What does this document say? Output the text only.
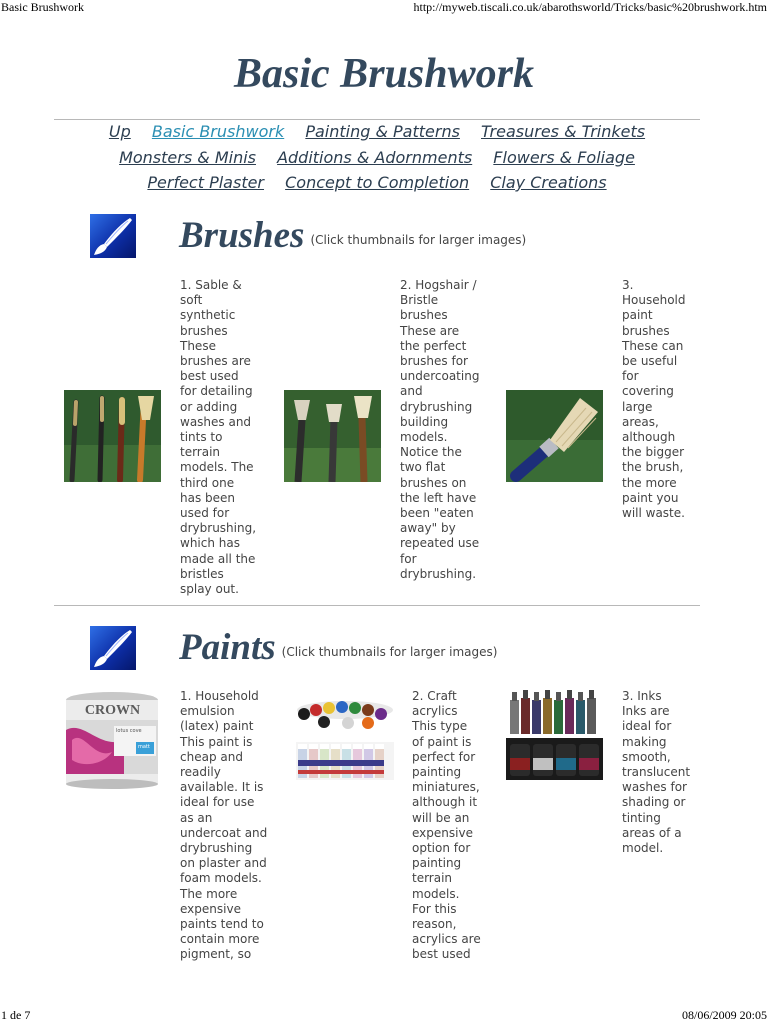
Basic Brushwork	http://myweb.tiscali.co.uk/abarothsworld/Tricks/basic%20brushwork.htm
Basic Brushwork
Up Basic Brushwork Painting & Patterns Treasures & Trinkets
Monsters & Minis Additions & Adornments Flowers & Foliage
Perfect Plaster Concept to Completion Clay Creations
Brushes (Click thumbnails for larger images)

1. Sable &
soft
synthetic
brushes
These
brushes are
best used
for detailing
or adding
washes and
tints to
terrain
models. The
third one
has been
used for
drybrushing,
which has
made all the
bristles
splay out.

2. Hogshair /
Bristle
brushes
These are
the perfect
brushes for
undercoating
and
drybrushing
building
models.
Notice the
two flat
brushes on
the left have
been "eaten
away" by
repeated use
for
drybrushing.

3.
Household
paint
brushes
These can
be useful
for
covering
large
areas,
although
the bigger
the brush,
the more
paint you
will waste.

Paints (Click thumbnails for larger images)
CROWN
lotus cove
matt

1. Household
emulsion
(latex) paint
This paint is
cheap and
readily
available. It is
ideal for use
as an
undercoat and
drybrushing
on plaster and
foam models.
The more
expensive
paints tend to
contain more
pigment, so

2. Craft
acrylics
This type
of paint is
perfect for
painting
miniatures,
although it
will be an
expensive
option for
painting
terrain
models.
For this
reason,
acrylics are
best used

3. Inks
Inks are
ideal for
making
smooth,
translucent
washes for
shading or
tinting
areas of a
model.

1 de 7	08/06/2009 20:05
